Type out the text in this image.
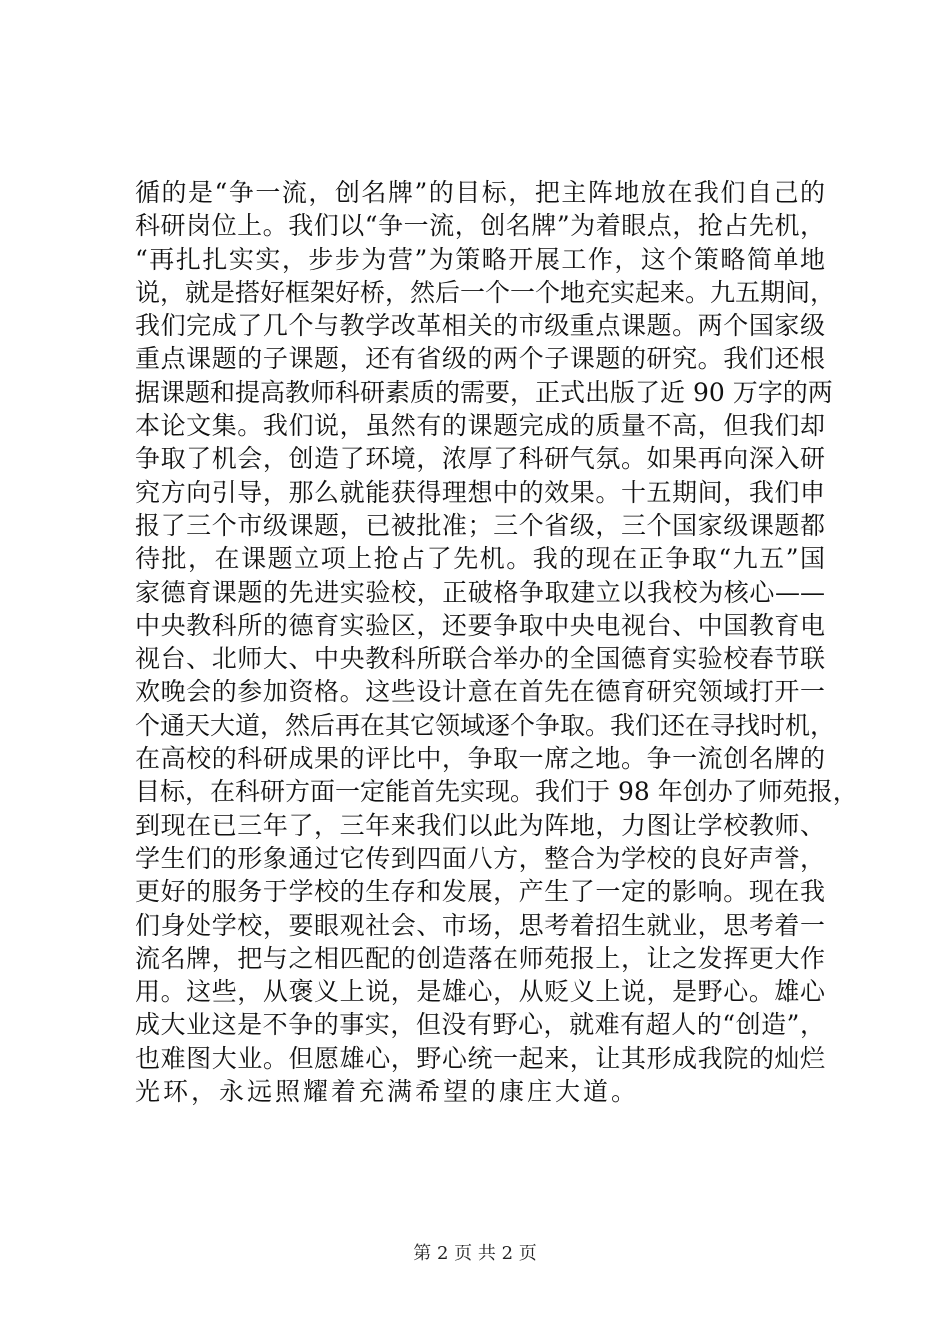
循的是“争一流，创名牌”的目标，把主阵地放在我们自己的
科研岗位上。我们以“争一流，创名牌”为着眼点，抢占先机，
“再扎扎实实，步步为营”为策略开展工作，这个策略简单地
说，就是搭好框架好桥，然后一个一个地充实起来。九五期间，
我们完成了几个与教学改革相关的市级重点课题。两个国家级
重点课题的子课题，还有省级的两个子课题的研究。我们还根
据课题和提高教师科研素质的需要，正式出版了近 90 万字的两
本论文集。我们说，虽然有的课题完成的质量不高，但我们却
争取了机会，创造了环境，浓厚了科研气氛。如果再向深入研
究方向引导，那么就能获得理想中的效果。十五期间，我们申
报了三个市级课题，已被批准；三个省级，三个国家级课题都
待批，在课题立项上抢占了先机。我的现在正争取“九五”国
家德育课题的先进实验校，正破格争取建立以我校为核心——
中央教科所的德育实验区，还要争取中央电视台、中国教育电
视台、北师大、中央教科所联合举办的全国德育实验校春节联
欢晚会的参加资格。这些设计意在首先在德育研究领域打开一
个通天大道，然后再在其它领域逐个争取。我们还在寻找时机，
在高校的科研成果的评比中，争取一席之地。争一流创名牌的
目标，在科研方面一定能首先实现。我们于 98 年创办了师苑报，
到现在已三年了，三年来我们以此为阵地，力图让学校教师、
学生们的形象通过它传到四面八方，整合为学校的良好声誉，
更好的服务于学校的生存和发展，产生了一定的影响。现在我
们身处学校，要眼观社会、市场，思考着招生就业，思考着一
流名牌，把与之相匹配的创造落在师苑报上，让之发挥更大作
用。这些，从褒义上说，是雄心，从贬义上说，是野心。雄心
成大业这是不争的事实，但没有野心，就难有超人的“创造”，
也难图大业。但愿雄心，野心统一起来，让其形成我院的灿烂
光环，永远照耀着充满希望的康庄大道。
第 2 页 共 2 页
